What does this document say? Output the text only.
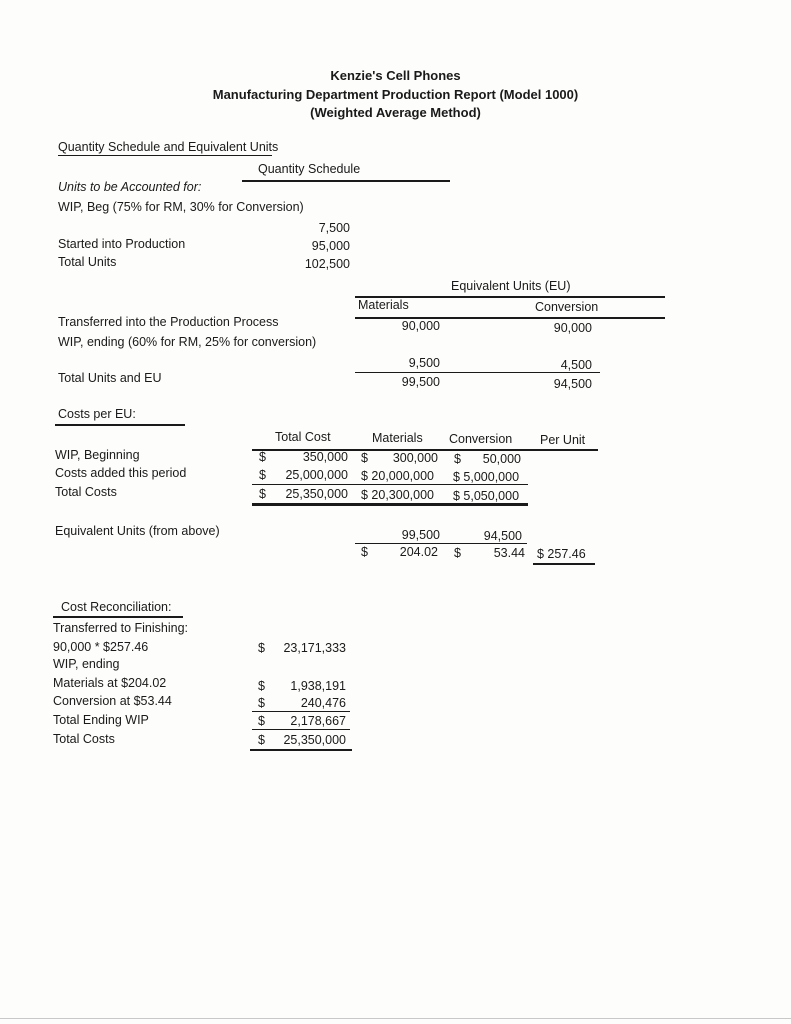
Kenzie's Cell Phones
Manufacturing Department Production Report (Model 1000)
(Weighted Average Method)
Quantity Schedule and Equivalent Units
Quantity Schedule
Units to be Accounted for:
WIP, Beg (75% for RM, 30% for Conversion)
7,500
Started into Production	95,000
Total Units	102,500
Equivalent Units (EU)
Materials	Conversion
Transferred into the Production Process	90,000	90,000
WIP, ending (60% for RM, 25% for conversion)
9,500	4,500
Total Units and EU	99,500	94,500
Costs per EU:
Total Cost	Materials Conversion Per Unit
WIP, Beginning	$	350,000 $	300,000 $	50,000
Costs added this period	$	25,000,000 $ 20,000,000 $ 5,000,000
Total Costs	$	25,350,000 $ 20,300,000 $ 5,050,000
Equivalent Units (from above)	99,500	94,500
$	204.02 $	53.44 $ 257.46
Cost Reconciliation:
Transferred to Finishing:
90,000 * $257.46	$	23,171,333
WIP, ending
Materials at $204.02	$	1,938,191
Conversion at $53.44	$	240,476
Total Ending WIP	$	2,178,667
Total Costs	$	25,350,000
